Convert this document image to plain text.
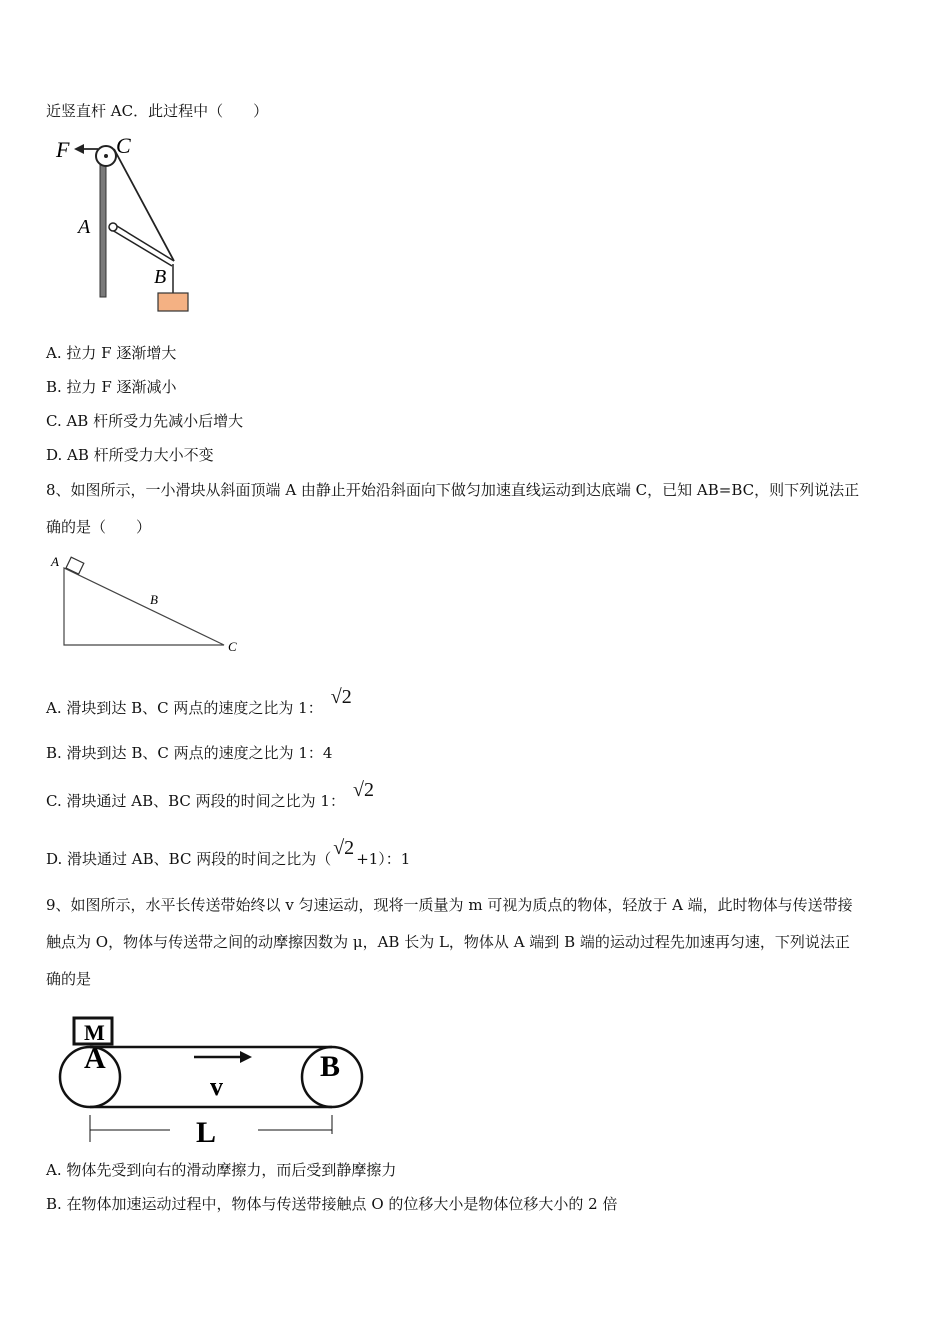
近竖直杆 AC．此过程中（　　）
F C
A
B
A. 拉力 F 逐渐增大
B. 拉力 F 逐渐减小
C. AB 杆所受力先减小后增大
D. AB 杆所受力大小不变
8、如图所示，一小滑块从斜面顶端 A 由静止开始沿斜面向下做匀加速直线运动到达底端 C，已知 AB=BC，则下列说法正
确的是（　　）
A
B
C
A. 滑块到达 B、C 两点的速度之比为 1： √2
B. 滑块到达 B、C 两点的速度之比为 1：4
C. 滑块通过 AB、BC 两段的时间之比为 1： √2
D. 滑块通过 AB、BC 两段的时间之比为（ √2 +1）：1
9、如图所示，水平长传送带始终以 v 匀速运动，现将一质量为 m 可视为质点的物体，轻放于 A 端，此时物体与传送带接
触点为 O，物体与传送带之间的动摩擦因数为 μ，AB 长为 L，物体从 A 端到 B 端的运动过程先加速再匀速，下列说法正
确的是
M
A	B
v
L
A. 物体先受到向右的滑动摩擦力，而后受到静摩擦力
B. 在物体加速运动过程中，物体与传送带接触点 O 的位移大小是物体位移大小的 2 倍
